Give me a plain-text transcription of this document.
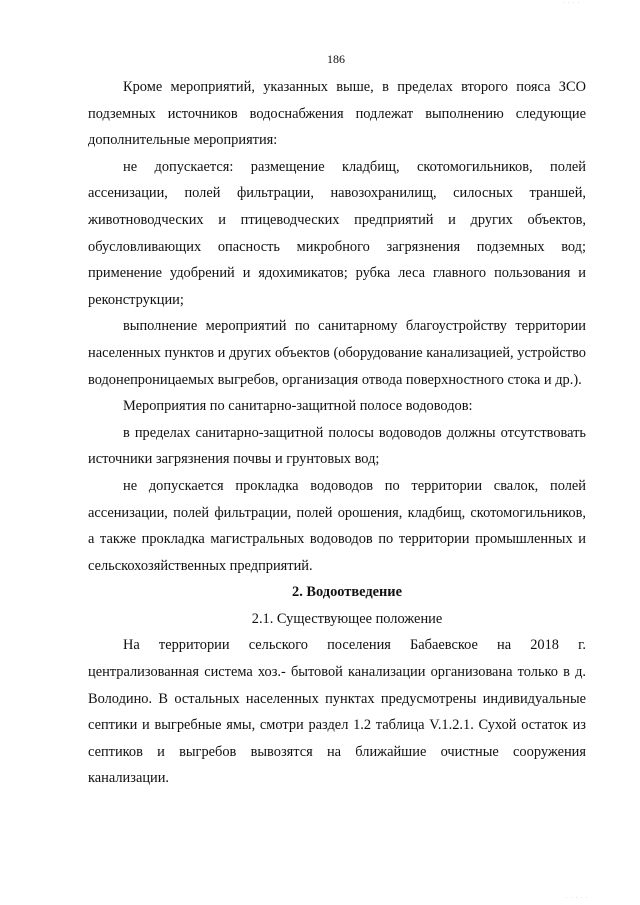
· · · ·
186

Кроме мероприятий, указанных выше, в пределах второго пояса ЗСО подземных источников водоснабжения подлежат выполнению следующие дополнительные мероприятия:

не допускается: размещение кладбищ, скотомогильников, полей ассенизации, полей фильтрации, навозохранилищ, силосных траншей, животноводческих и птицеводческих предприятий и других объектов, обусловливающих опасность микробного загрязнения подземных вод; применение удобрений и ядохимикатов; рубка леса главного пользования и реконструкции;

выполнение мероприятий по санитарному благоустройству территории населенных пунктов и других объектов (оборудование канализацией, устройство водонепроницаемых выгребов, организация отвода поверхностного стока и др.).

Мероприятия по санитарно-защитной полосе водоводов:

в пределах санитарно-защитной полосы водоводов должны отсутствовать источники загрязнения почвы и грунтовых вод;

не допускается прокладка водоводов по территории свалок, полей ассенизации, полей фильтрации, полей орошения, кладбищ, скотомогильников, а также прокладка магистральных водоводов по территории промышленных и сельскохозяйственных предприятий.

2. Водоотведение

2.1. Существующее положение

На территории сельского поселения Бабаевское на 2018 г. централизованная система хоз.- бытовой канализации организована только в д. Володино. В остальных населенных пунктах предусмотрены индивидуальные септики и выгребные ямы, смотри раздел 1.2 таблица V.1.2.1. Сухой остаток из септиков и выгребов вывозятся на ближайшие очистные сооружения канализации.

· · · · ·
